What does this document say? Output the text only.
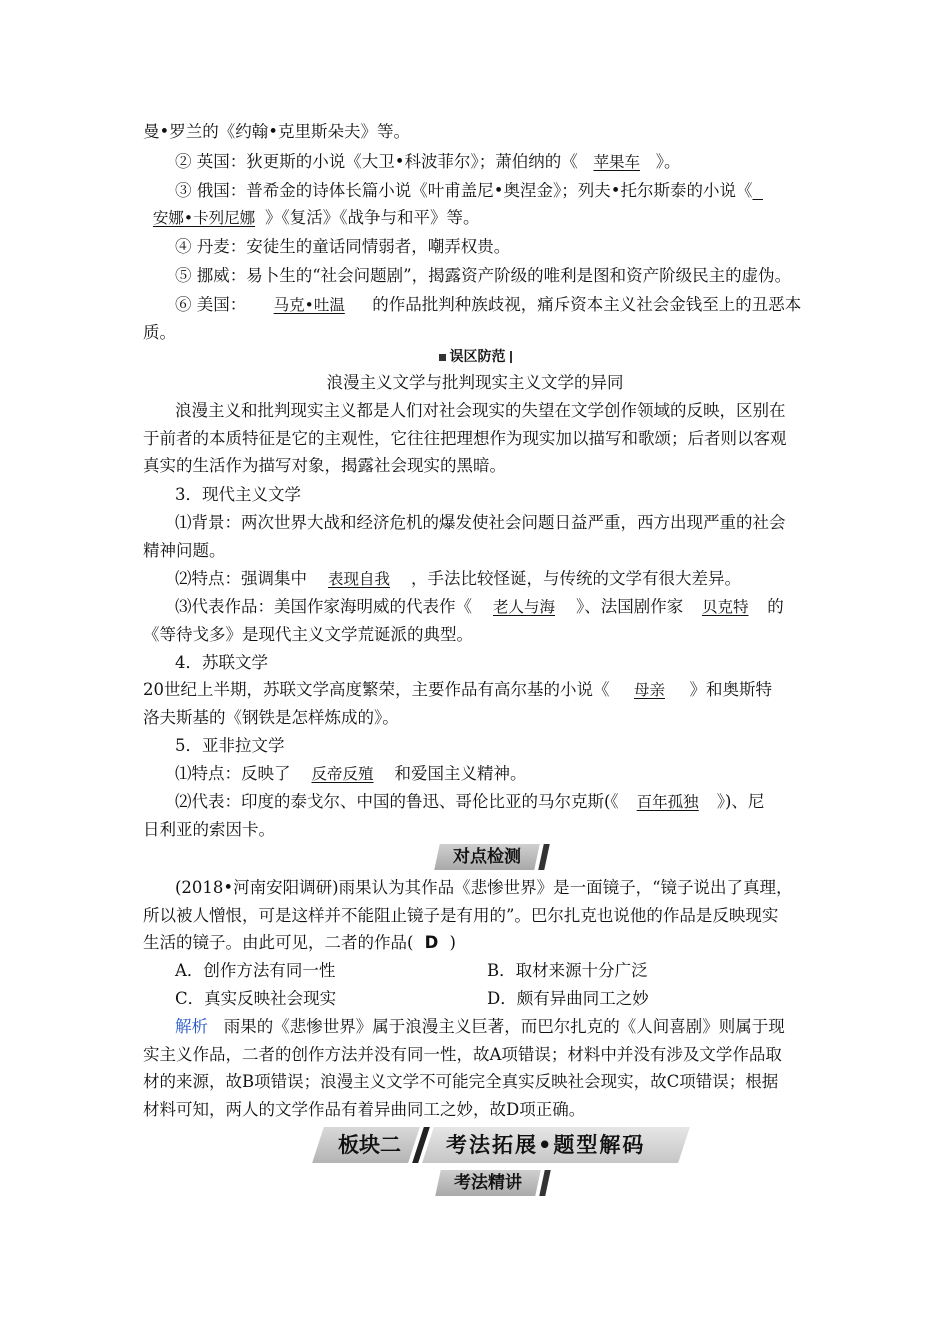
曼•罗兰的《约翰•克里斯朵夫》等。
② 英国：狄更斯的小说《大卫•科波菲尔》；萧伯纳的《 苹果车 》。
③ 俄国：普希金的诗体长篇小说《叶甫盖尼•奥涅金》；列夫•托尔斯泰的小说《
安娜•卡列尼娜 》《复活》《战争与和平》等。
④ 丹麦：安徒生的童话同情弱者，嘲弄权贵。
⑤ 挪威：易卜生的“社会问题剧”，揭露资产阶级的唯利是图和资产阶级民主的虚伪。
⑥ 美国： 马克•吐温 的作品批判种族歧视，痛斥资本主义社会金钱至上的丑恶本
质。
误区防范
浪漫主义文学与批判现实主义文学的异同
浪漫主义和批判现实主义都是人们对社会现实的失望在文学创作领域的反映，区别在
于前者的本质特征是它的主观性，它往往把理想作为现实加以描写和歌颂；后者则以客观
真实的生活作为描写对象，揭露社会现实的黑暗。
3．现代主义文学
⑴背景：两次世界大战和经济危机的爆发使社会问题日益严重，西方出现严重的社会
精神问题。
⑵特点：强调集中 表现自我 ，手法比较怪诞，与传统的文学有很大差异。
⑶代表作品：美国作家海明威的代表作《 老人与海 》、法国剧作家 贝克特 的
《等待戈多》是现代主义文学荒诞派的典型。
4．苏联文学
20世纪上半期，苏联文学高度繁荣，主要作品有高尔基的小说《 母亲 》和奥斯特
洛夫斯基的《钢铁是怎样炼成的》。
5．亚非拉文学
⑴特点：反映了 反帝反殖 和爱国主义精神。
⑵代表：印度的泰戈尔、中国的鲁迅、哥伦比亚的马尔克斯(《 百年孤独 》)、尼
日利亚的索因卡。
对点检测
(2018•河南安阳调研)雨果认为其作品《悲惨世界》是一面镜子，“镜子说出了真理，
所以被人憎恨，可是这样并不能阻止镜子是有用的”。巴尔扎克也说他的作品是反映现实
生活的镜子。由此可见，二者的作品( D )
A．创作方法有同一性	B．取材来源十分广泛
C．真实反映社会现实	D．颇有异曲同工之妙
解析 雨果的《悲惨世界》属于浪漫主义巨著，而巴尔扎克的《人间喜剧》则属于现
实主义作品，二者的创作方法并没有同一性，故A项错误；材料中并没有涉及文学作品取
材的来源，故B项错误；浪漫主义文学不可能完全真实反映社会现实，故C项错误；根据
材料可知，两人的文学作品有着异曲同工之妙，故D项正确。
板块二	考法拓展•题型解码
考法精讲
